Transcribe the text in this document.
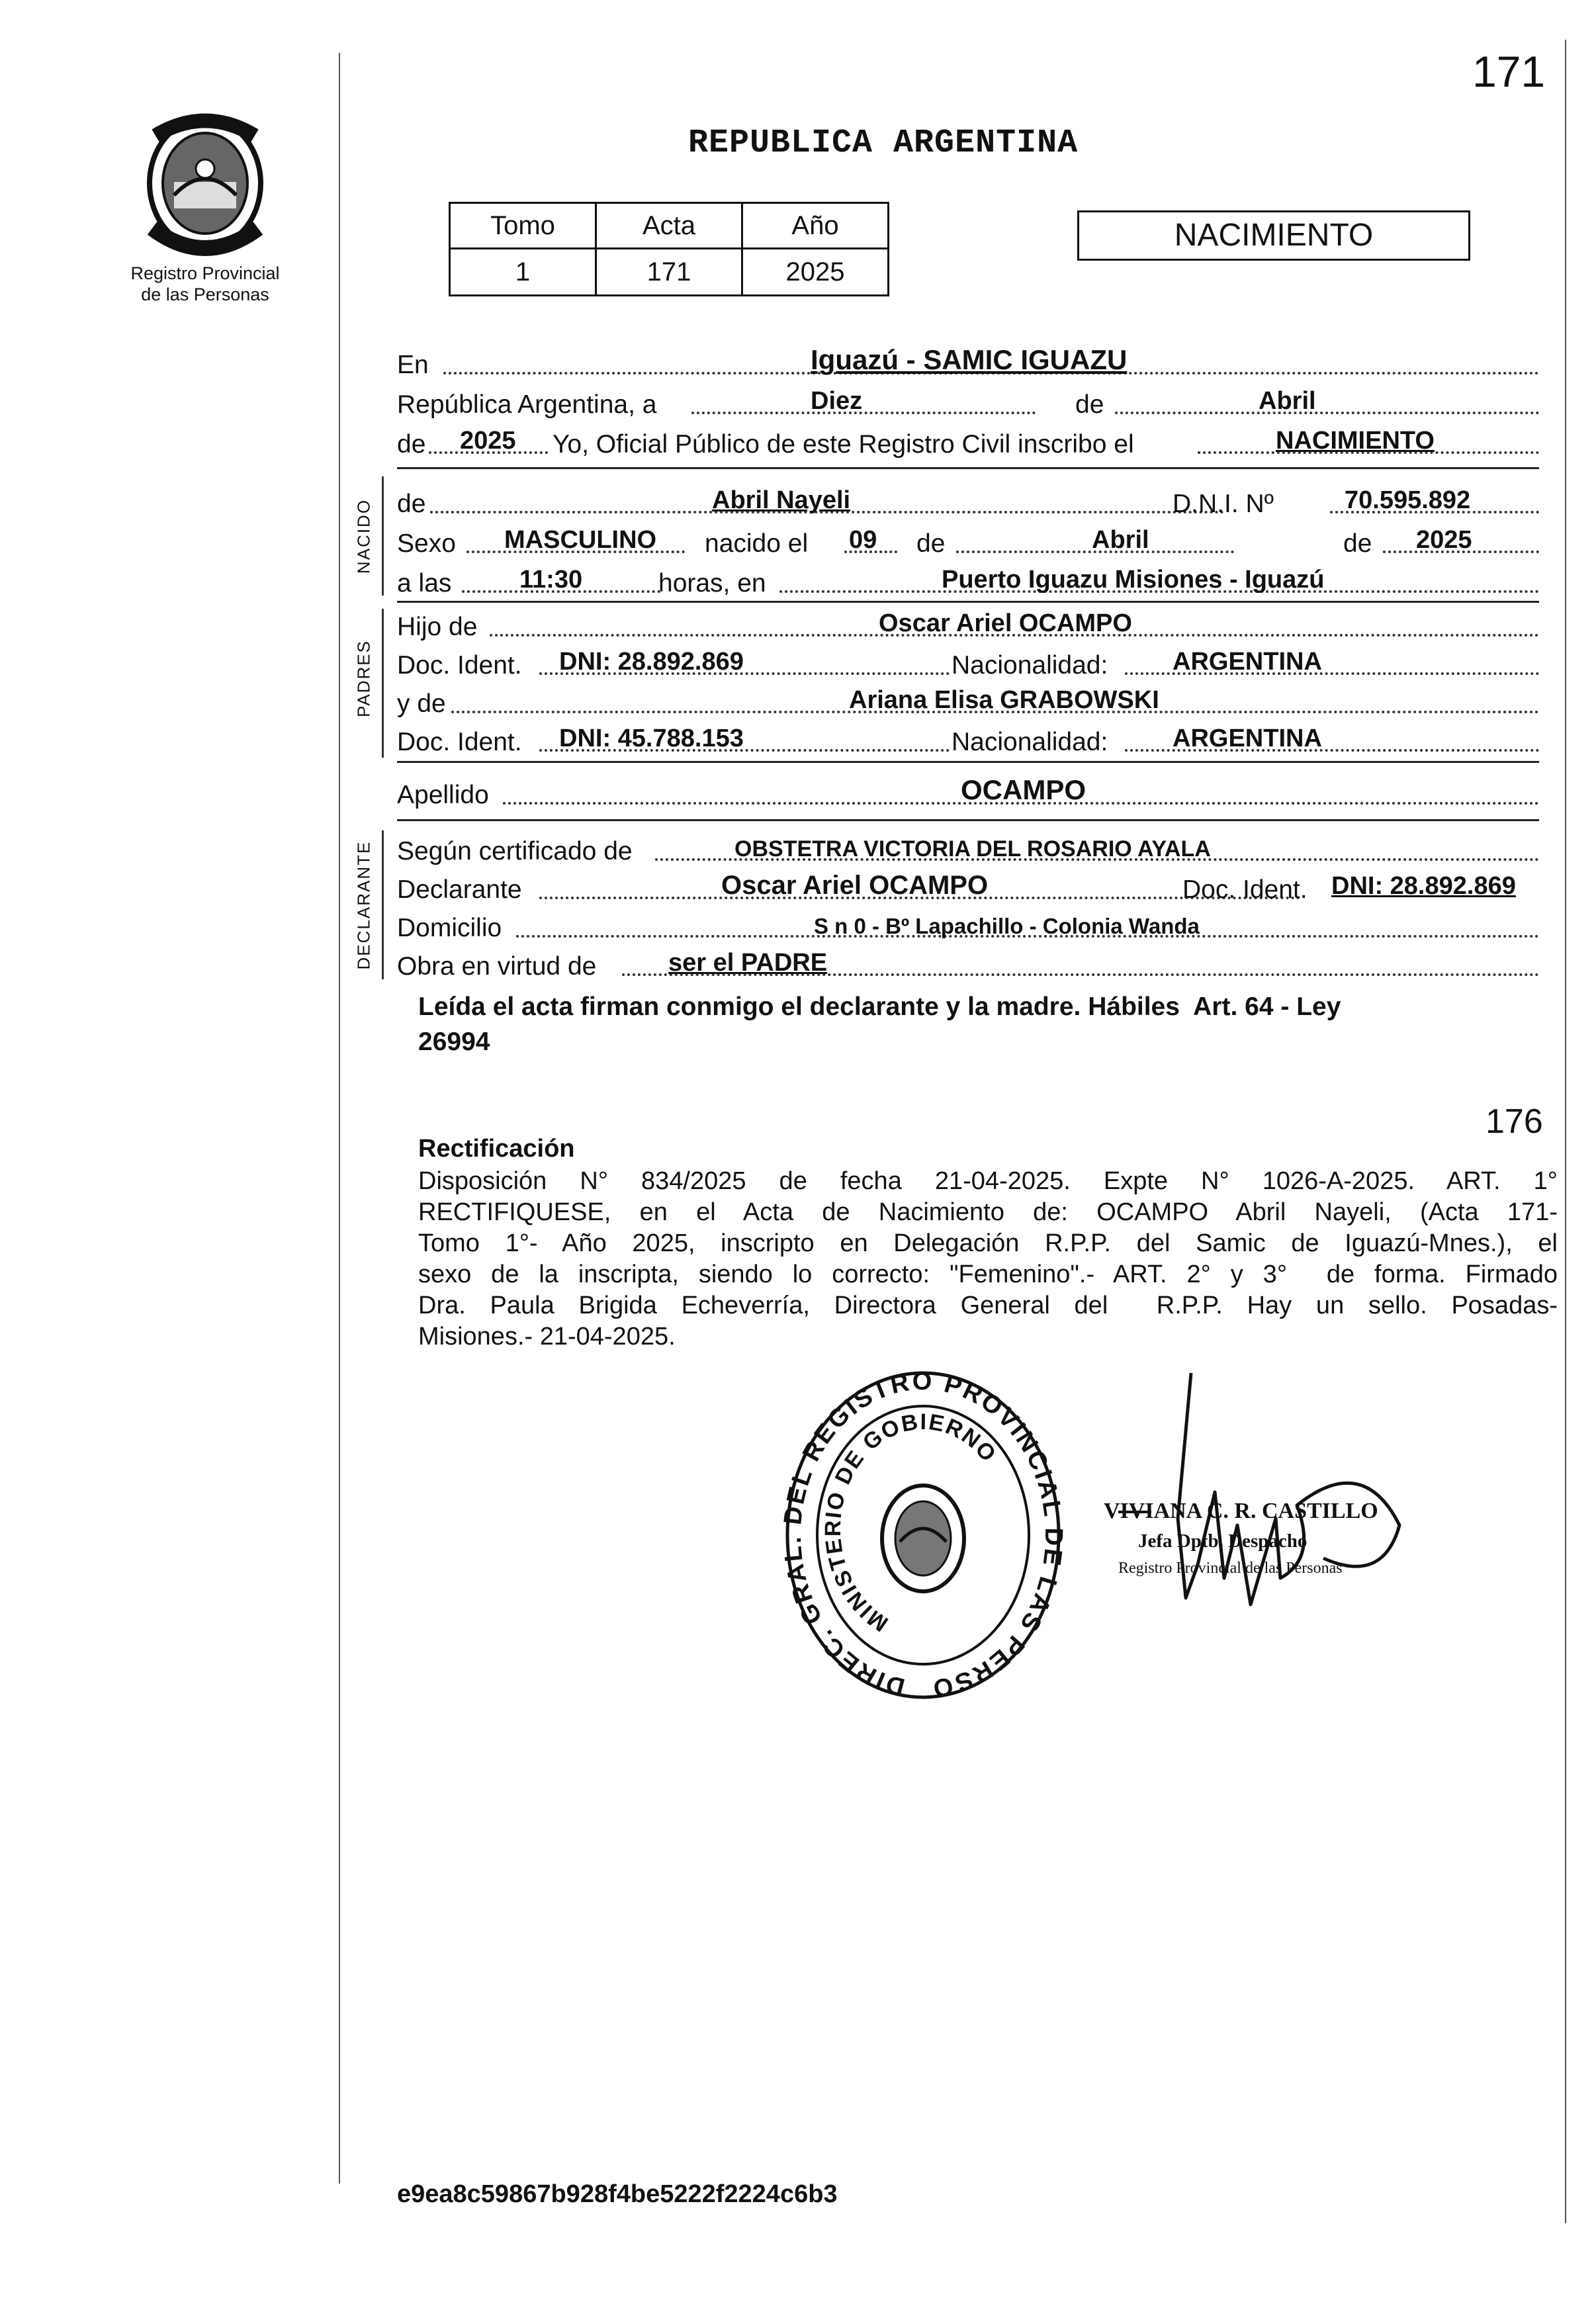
171
Registro Provincial
de las Personas
REPUBLICA ARGENTINA
Tomo	Acta	Año
1	171	2025
NACIMIENTO
En	Iguazú - SAMIC IGUAZU
República Argentina, a	Diez	de	Abril
de 2025 Yo, Oficial Público de este Registro Civil inscribo el	NACIMIENTO
NACIDO de	Abril Nayeli	D.N.I. Nº	70.595.892
Sexo MASCULINO nacido el 09 de	Abril	de 2025
a las	11:30	horas, en	Puerto Iguazu Misiones - Iguazú
PADRES
Hijo de	Oscar Ariel OCAMPO
Doc. Ident. DNI: 28.892.869	Nacionalidad:	ARGENTINA
y de	Ariana Elisa GRABOWSKI
Doc. Ident. DNI: 45.788.153	Nacionalidad:	ARGENTINA
Apellido	OCAMPO
DECLARANTE Según certificado de	OBSTETRA VICTORIA DEL ROSARIO AYALA
Declarante	Oscar Ariel OCAMPO	Doc. Ident. DNI: 28.892.869
Domicilio	S n 0 - Bº Lapachillo - Colonia Wanda
Obra en virtud de	ser el PADRE
Leída el acta firman conmigo el declarante y la madre. Hábiles  Art. 64 - Ley
26994
176
Rectificación
Disposición N° 834/2025 de fecha 21-04-2025. Expte N° 1026-A-2025. ART. 1°
RECTIFIQUESE, en el Acta de Nacimiento de: OCAMPO Abril Nayeli, (Acta 171-
Tomo 1°- Año 2025, inscripto en Delegación R.P.P. del Samic de Iguazú-Mnes.), el
sexo de la inscripta, siendo lo correcto: "Femenino".- ART. 2° y 3°  de forma. Firmado
Dra. Paula Brigida Echeverría, Directora General del  R.P.P. Hay un sello. Posadas-
Misiones.- 21-04-2025.
DIREC. GRAL. DEL REGISTRO PROVINCIAL DE LAS PERSO
MINISTERIO DE GOBIERNO
VIVIANA C. R. CASTILLO
Jefa Dptb. Despacho
Registro Provincial de las Personas
e9ea8c59867b928f4be5222f2224c6b3
